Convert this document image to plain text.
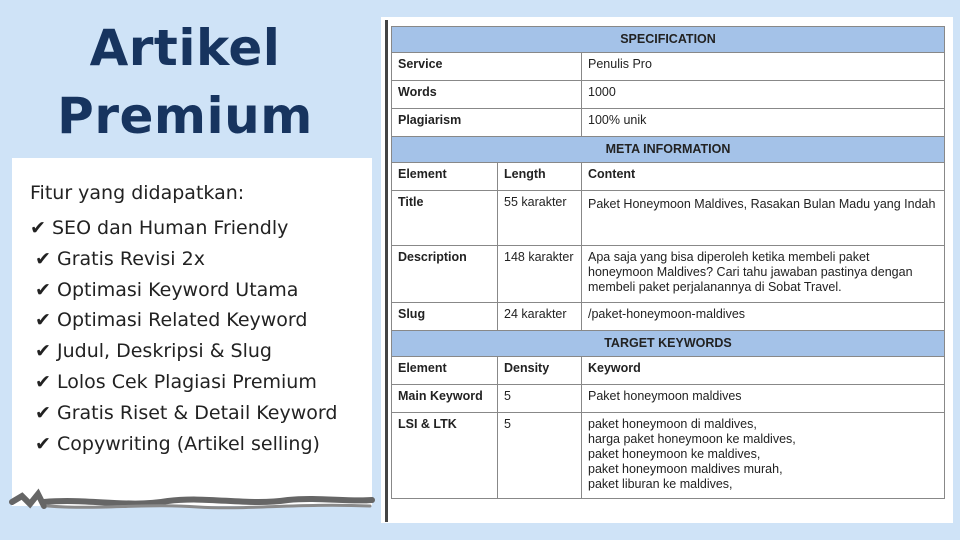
Artikel
Premium
Fitur yang didapatkan:
✔ SEO dan Human Friendly
✔ Gratis Revisi 2x
✔ Optimasi Keyword Utama
✔ Optimasi Related Keyword
✔ Judul, Deskripsi & Slug
✔ Lolos Cek Plagiasi Premium
✔ Gratis Riset & Detail Keyword
✔ Copywriting (Artikel selling)
SPECIFICATION		
Service		Penulis Pro
Words		1000
Plagiarism		100% unik
META INFORMATION		
Element	Length	Content
Title	55 karakter	Paket Honeymoon Maldives, Rasakan Bulan Madu yang Indah
Description	148 karakter	Apa saja yang bisa diperoleh ketika membeli paket honeymoon Maldives? Cari tahu jawaban pastinya dengan membeli paket perjalanannya di Sobat Travel.
Slug	24 karakter	/paket-honeymoon-maldives
TARGET KEYWORDS		
Element	Density	Keyword
Main Keyword	5	Paket honeymoon maldives
LSI & LTK	5	paket honeymoon di maldives,
harga paket honeymoon ke maldives,
paket honeymoon ke maldives,
paket honeymoon maldives murah,
paket liburan ke maldives,
